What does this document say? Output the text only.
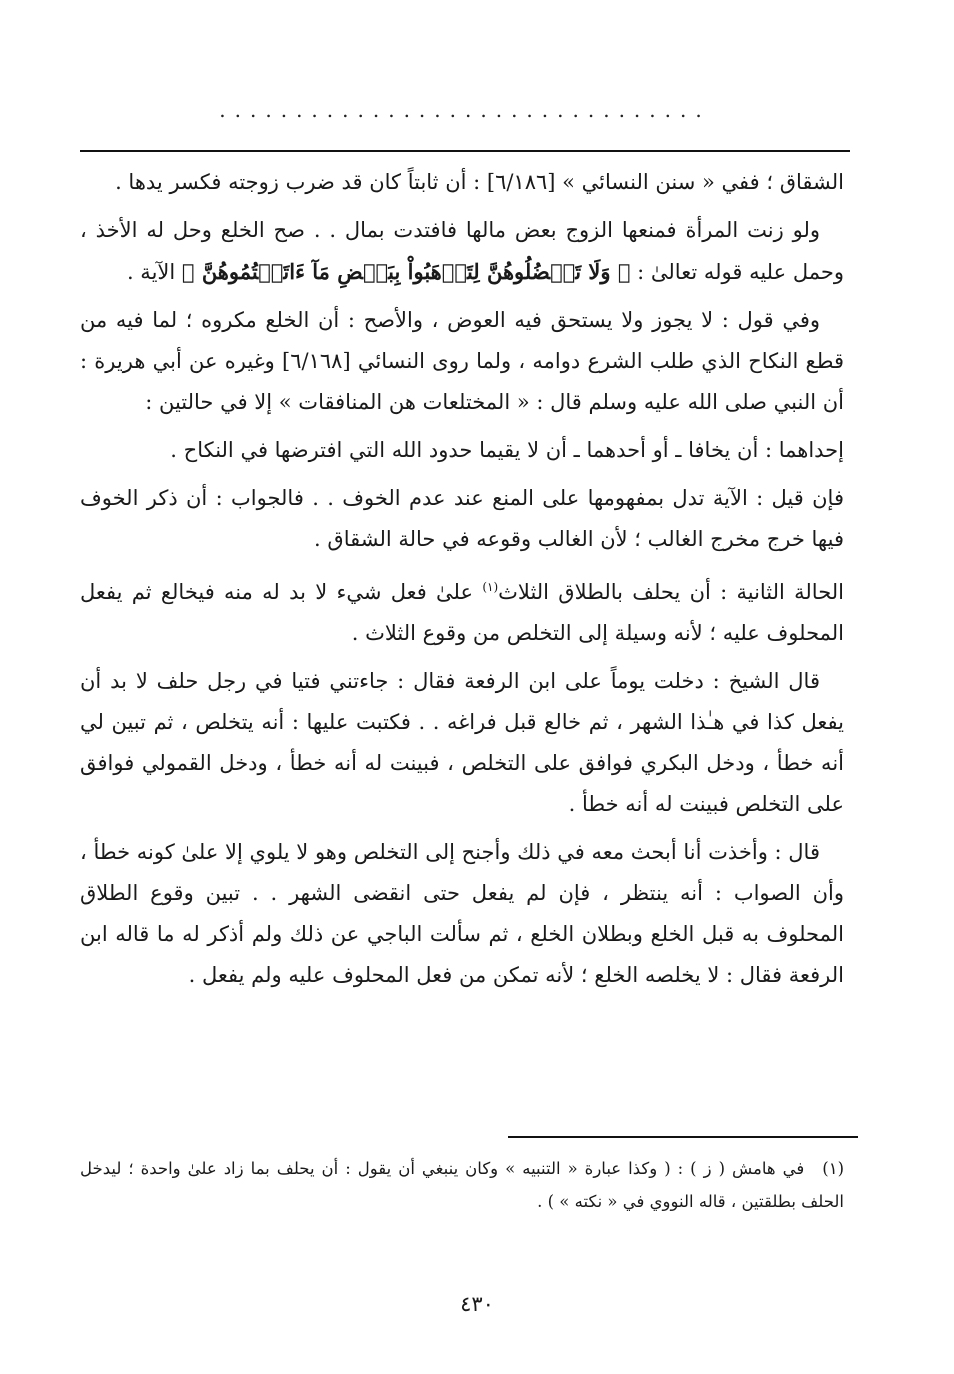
................................

الشقاق ؛ ففي « سنن النسائي » [٦/١٨٦] : أن ثابتاً كان قد ضرب زوجته فكسر يدها .

ولو زنت المرأة فمنعها الزوج بعض مالها فافتدت بمال . . صح الخلع وحل له الأخذ ، وحمل عليه قوله تعالىٰ : ﴿ وَلَا تَعۡضُلُوهُنَّ لِتَذۡهَبُواْ بِبَعۡضِ مَآ ءَاتَيۡتُمُوهُنَّ ﴾ الآية .

وفي قول : لا يجوز ولا يستحق فيه العوض ، والأصح : أن الخلع مكروه ؛ لما فيه من قطع النكاح الذي طلب الشرع دوامه ، ولما روى النسائي [٦/١٦٨] وغيره عن أبي هريرة : أن النبي صلى الله عليه وسلم قال : « المختلعات هن المنافقات » إلا في حالتين :

إحداهما : أن يخافا ـ أو أحدهما ـ أن لا يقيما حدود الله التي افترضها في النكاح .

فإن قيل : الآية تدل بمفهومها على المنع عند عدم الخوف . . فالجواب : أن ذكر الخوف فيها خرج مخرج الغالب ؛ لأن الغالب وقوعه في حالة الشقاق .

الحالة الثانية : أن يحلف بالطلاق الثلاث$^{(١)}$ علىٰ فعل شيء لا بد له منه فيخالع ثم يفعل المحلوف عليه ؛ لأنه وسيلة إلى التخلص من وقوع الثلاث .

قال الشيخ : دخلت يوماً على ابن الرفعة فقال : جاءتني فتيا في رجل حلف لا بد أن يفعل كذا في هـٰذا الشهر ، ثم خالع قبل فراغه . . فكتبت عليها : أنه يتخلص ، ثم تبين لي أنه خطأ ، ودخل البكري فوافق على التخلص ، فبينت له أنه خطأ ، ودخل القمولي فوافق على التخلص فبينت له أنه خطأ .

قال : وأخذت أنا أبحث معه في ذلك وأجنح إلى التخلص وهو لا يلوي إلا علىٰ كونه خطأ ، وأن الصواب : أنه ينتظر ، فإن لم يفعل حتى انقضى الشهر . . تبين وقوع الطلاق المحلوف به قبل الخلع وبطلان الخلع ، ثم سألت الباجي عن ذلك ولم أذكر له ما قاله ابن الرفعة فقال : لا يخلصه الخلع ؛ لأنه تمكن من فعل المحلوف عليه ولم يفعل .

(١)في هامش ( ز ) : ( وكذا عبارة « التنبيه » وكان ينبغي أن يقول : أن يحلف بما زاد علىٰ واحدة ؛ ليدخل الحلف بطلقتين ، قاله النووي في « نكته » ) .
٤٣٠
